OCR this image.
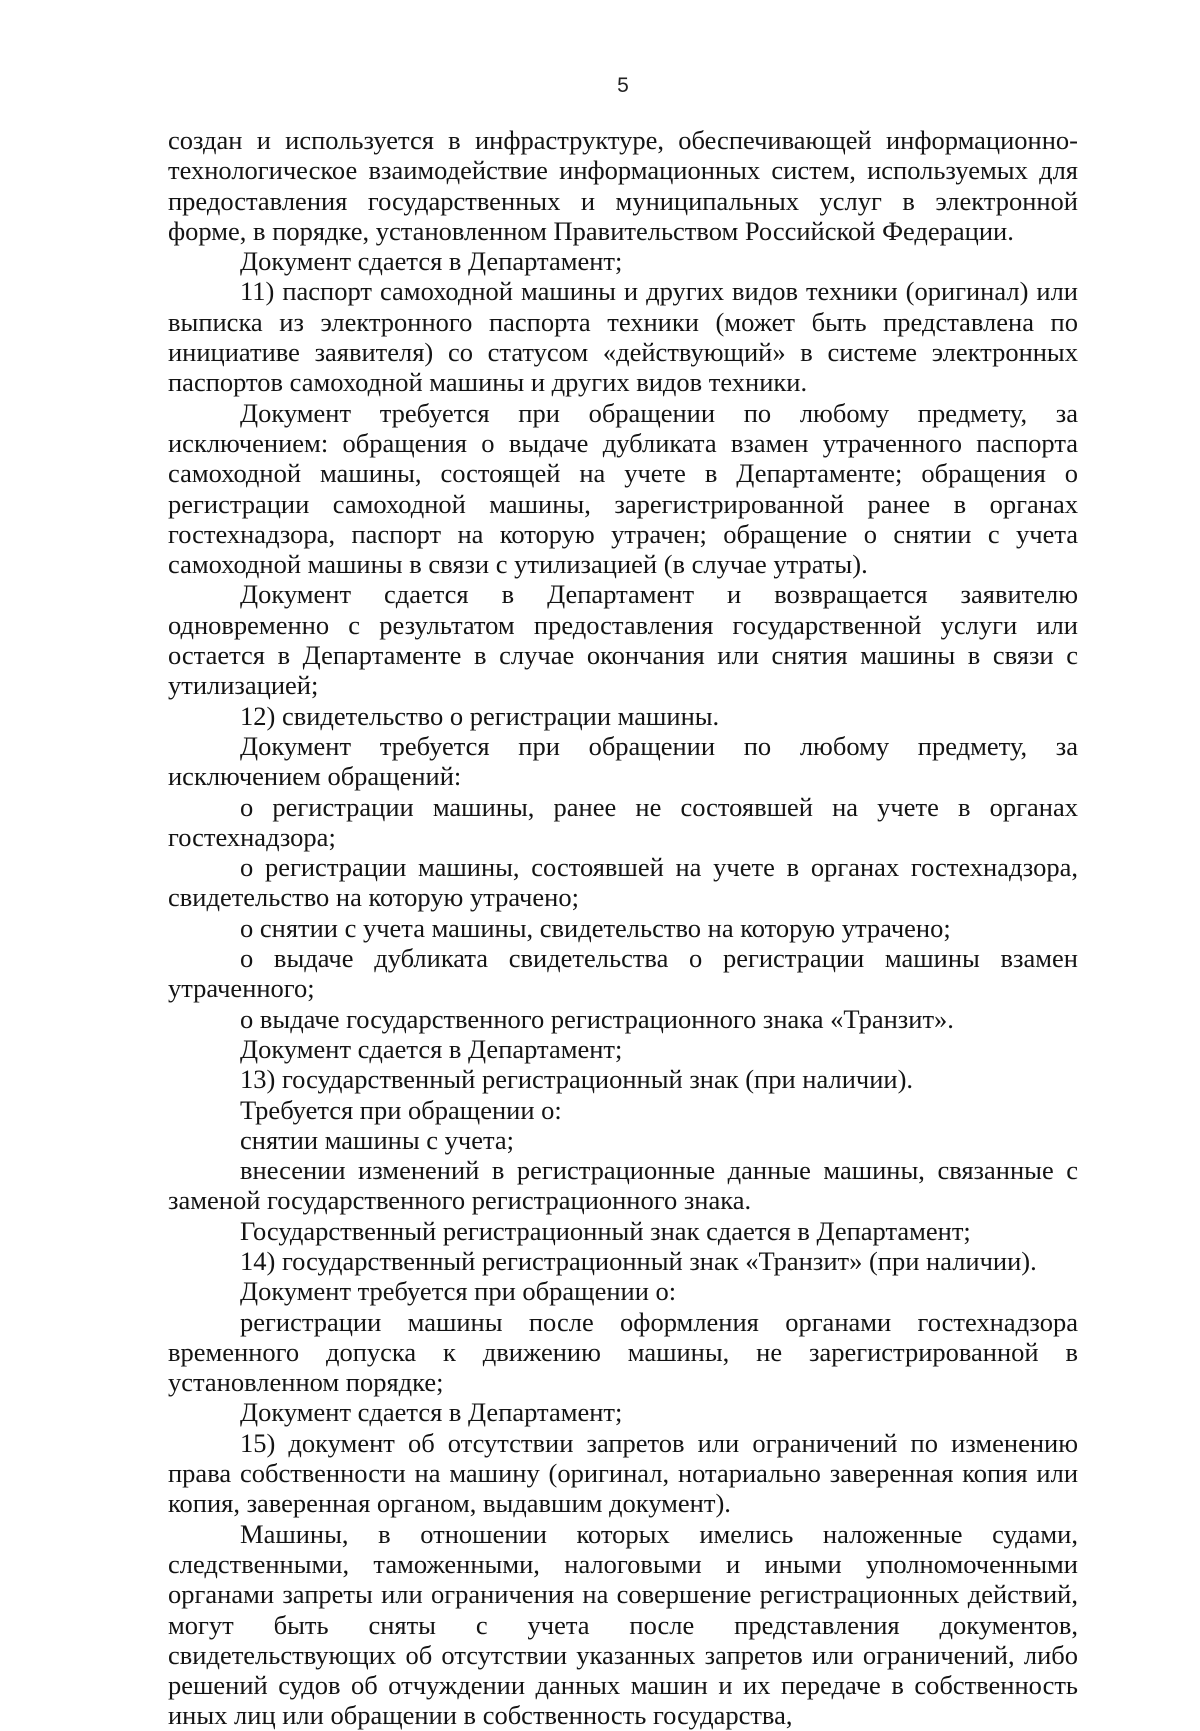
5

создан и используется в инфраструктуре, обеспечивающей информационно-технологическое взаимодействие информационных систем, используемых для предоставления государственных и муниципальных услуг в электронной форме, в порядке, установленном Правительством Российской Федерации.

Документ сдается в Департамент;

11) паспорт самоходной машины и других видов техники (оригинал) или выписка из электронного паспорта техники (может быть представлена по инициативе заявителя) со статусом «действующий» в системе электронных паспортов самоходной машины и других видов техники.

Документ требуется при обращении по любому предмету, за исключением: обращения о выдаче дубликата взамен утраченного паспорта самоходной машины, состоящей на учете в Департаменте; обращения о регистрации самоходной машины, зарегистрированной ранее в органах гостехнадзора, паспорт на которую утрачен; обращение о снятии с учета самоходной машины в связи с утилизацией (в случае утраты).

Документ сдается в Департамент и возвращается заявителю одновременно с результатом предоставления государственной услуги или остается в Департаменте в случае окончания или снятия машины в связи с утилизацией;

12) свидетельство о регистрации машины.

Документ требуется при обращении по любому предмету, за исключением обращений:

о регистрации машины, ранее не состоявшей на учете в органах гостехнадзора;

о регистрации машины, состоявшей на учете в органах гостехнадзора, свидетельство на которую утрачено;

о снятии с учета машины, свидетельство на которую утрачено;

о выдаче дубликата свидетельства о регистрации машины взамен утраченного;

о выдаче государственного регистрационного знака «Транзит».

Документ сдается в Департамент;

13) государственный регистрационный знак (при наличии).

Требуется при обращении о:

снятии машины с учета;

внесении изменений в регистрационные данные машины, связанные с заменой государственного регистрационного знака.

Государственный регистрационный знак сдается в Департамент;

14) государственный регистрационный знак «Транзит» (при наличии).

Документ требуется при обращении о:

регистрации машины после оформления органами гостехнадзора временного допуска к движению машины, не зарегистрированной в установленном порядке;

Документ сдается в Департамент;

15) документ об отсутствии запретов или ограничений по изменению права собственности на машину (оригинал, нотариально заверенная копия или копия, заверенная органом, выдавшим документ).

Машины, в отношении которых имелись наложенные судами, следственными, таможенными, налоговыми и иными уполномоченными органами запреты или ограничения на совершение регистрационных действий, могут быть сняты с учета после представления документов, свидетельствующих об отсутствии указанных запретов или ограничений, либо решений судов об отчуждении данных машин и их передаче в собственность иных лиц или обращении в собственность государства,
